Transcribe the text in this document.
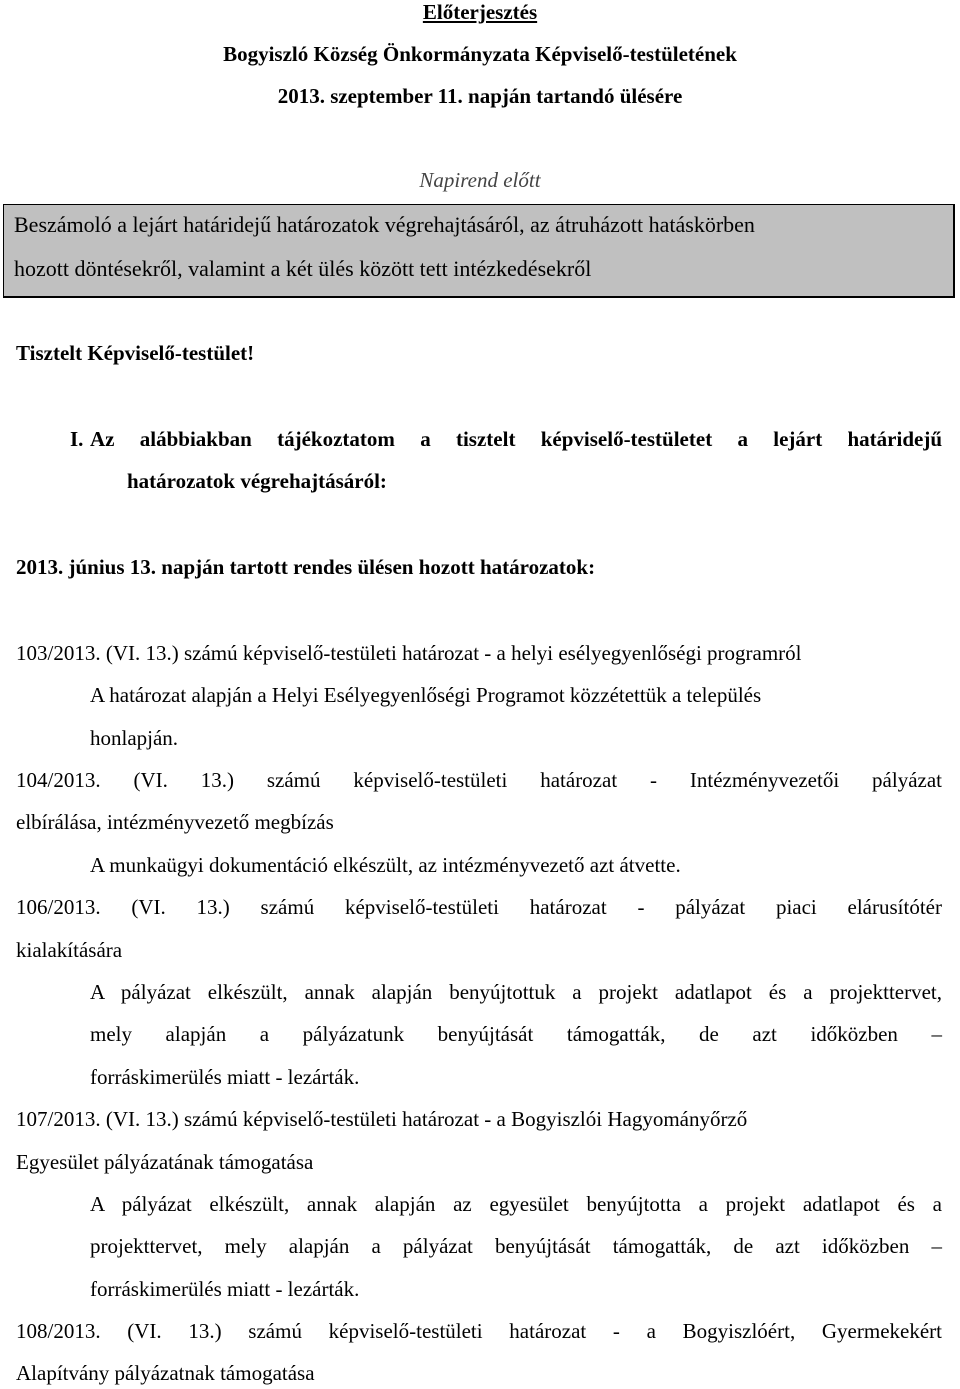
Előterjesztés
Bogyiszló Község Önkormányzata Képviselő-testületének
2013. szeptember 11. napján tartandó ülésére
Napirend előtt
Beszámoló a lejárt határidejű határozatok végrehajtásáról, az átruházott hatáskörben
hozott döntésekről, valamint a két ülés között tett intézkedésekről
Tisztelt Képviselő-testület!
I. Az alábbiakban tájékoztatom a tisztelt képviselő-testületet a lejárt határidejű
határozatok végrehajtásáról:
2013. június 13. napján tartott rendes ülésen hozott határozatok:
103/2013. (VI. 13.) számú képviselő-testületi határozat - a helyi esélyegyenlőségi programról
A határozat alapján a Helyi Esélyegyenlőségi Programot közzétettük a település
honlapján.
104/2013. (VI. 13.) számú képviselő-testületi határozat - Intézményvezetői pályázat
elbírálása, intézményvezető megbízás
A munkaügyi dokumentáció elkészült, az intézményvezető azt átvette.
106/2013. (VI. 13.) számú képviselő-testületi határozat - pályázat piaci elárusítótér
kialakítására
A pályázat elkészült, annak alapján benyújtottuk a projekt adatlapot és a projekttervet,
mely alapján a pályázatunk benyújtását támogatták, de azt időközben –
forráskimerülés miatt - lezárták.
107/2013. (VI. 13.) számú képviselő-testületi határozat - a Bogyiszlói Hagyományőrző
Egyesület pályázatának támogatása
A pályázat elkészült, annak alapján az egyesület benyújtotta a projekt adatlapot és a
projekttervet, mely alapján a pályázat benyújtását támogatták, de azt időközben –
forráskimerülés miatt - lezárták.
108/2013. (VI. 13.) számú képviselő-testületi határozat - a Bogyiszlóért, Gyermekekért
Alapítvány pályázatnak támogatása
